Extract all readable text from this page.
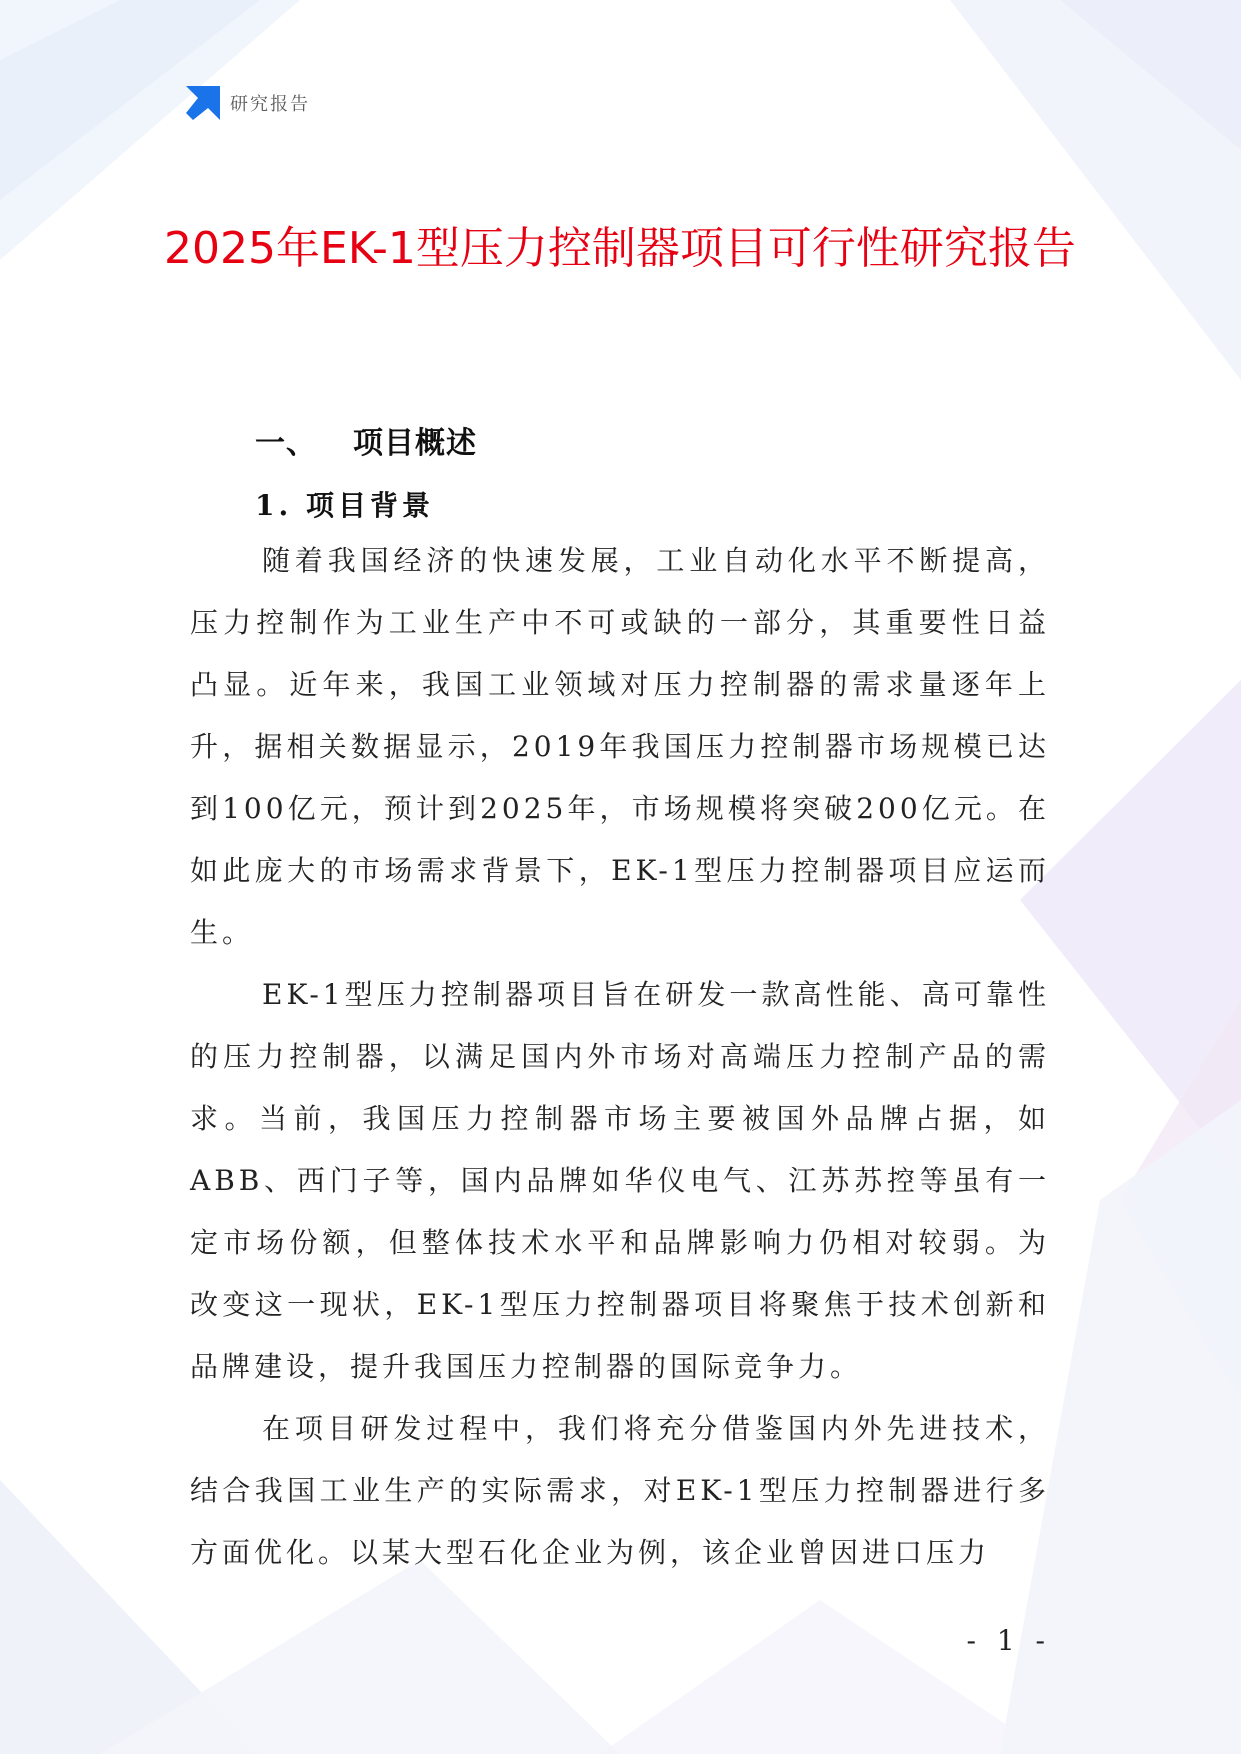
研究报告
2025年EK-1型压力控制器项目可行性研究报告
一、 项目概述
1. 项目背景

随着我国经济的快速发展，工业自动化水平不断提高，压力控制作为工业生产中不可或缺的一部分，其重要性日益凸显。近年来，我国工业领域对压力控制器的需求量逐年上升，据相关数据显示，2019年我国压力控制器市场规模已达到100亿元，预计到2025年，市场规模将突破200亿元。在如此庞大的市场需求背景下，EK-1型压力控制器项目应运而生。

EK-1型压力控制器项目旨在研发一款高性能、高可靠性的压力控制器，以满足国内外市场对高端压力控制产品的需求。当前，我国压力控制器市场主要被国外品牌占据，如ABB、西门子等，国内品牌如华仪电气、江苏苏控等虽有一定市场份额，但整体技术水平和品牌影响力仍相对较弱。为改变这一现状，EK-1型压力控制器项目将聚焦于技术创新和品牌建设，提升我国压力控制器的国际竞争力。

在项目研发过程中，我们将充分借鉴国内外先进技术，结合我国工业生产的实际需求，对EK-1型压力控制器进行多方面优化。以某大型石化企业为例，该企业曾因进口压力

- 1 -
